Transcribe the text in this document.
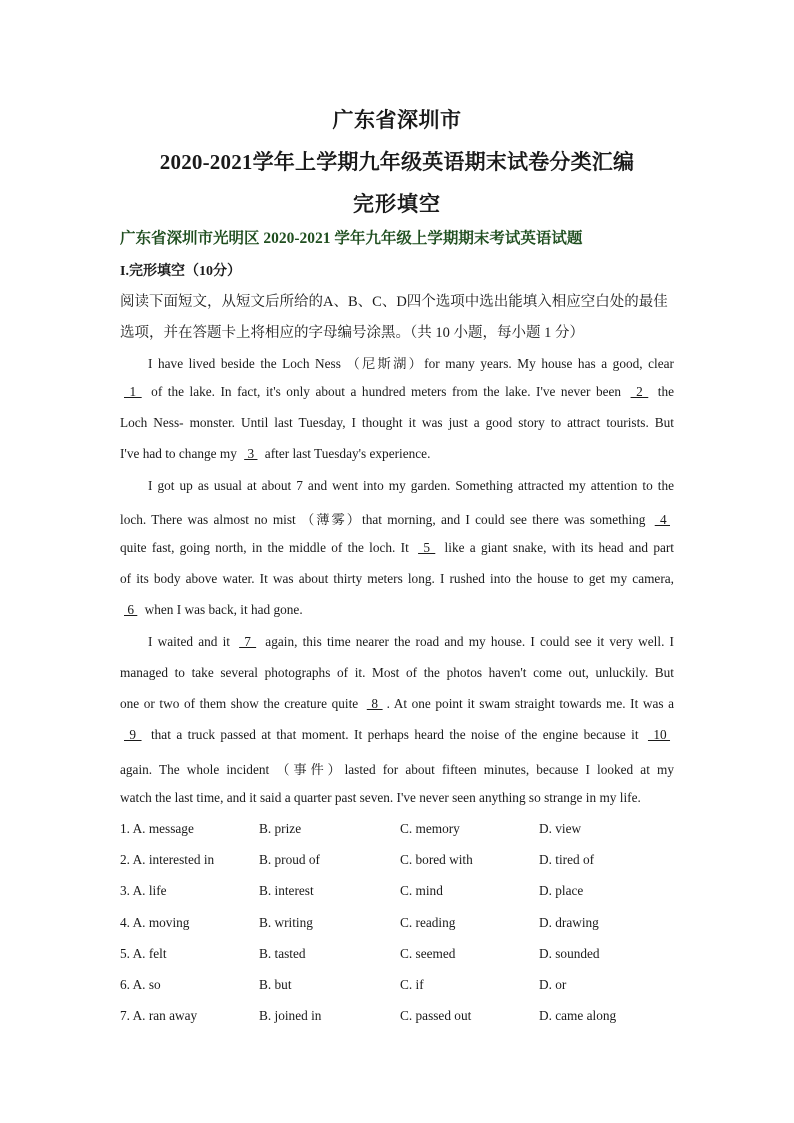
广东省深圳市
2020-2021学年上学期九年级英语期末试卷分类汇编
完形填空
广东省深圳市光明区 2020-2021 学年九年级上学期期末考试英语试题
I.完形填空（10分）
阅读下面短文，从短文后所给的A、B、C、D四个选项中选出能填入相应空白处的最佳选项，并在答题卡上将相应的字母编号涂黑。（共 10 小题，每小题 1 分）
I have lived beside the Loch Ness （尼斯湖）for many years. My house has a good, clear
1  of the lake. In fact, it's only about a hundred meters from the lake. I've never been  2  the
Loch Ness- monster. Until last Tuesday, I thought it was just a good story to attract tourists. But
I've had to change my  3  after last Tuesday's experience.
I got up as usual at about 7 and went into my garden. Something attracted my attention to the
loch. There was almost no mist （薄雾）that morning, and I could see there was something  4
quite fast, going north, in the middle of the loch. It  5  like a giant snake, with its head and part
of its body above water. It was about thirty meters long. I rushed into the house to get my camera,
6  when I was back, it had gone.
I waited and it  7  again, this time nearer the road and my house. I could see it very well. I
managed to take several photographs of it. Most of the photos haven't come out, unluckily. But
one or two of them show the creature quite  8 . At one point it swam straight towards me. It was a
9  that a truck passed at that moment. It perhaps heard the noise of the engine because it  10
again. The whole incident （事件）lasted for about fifteen minutes, because I looked at my
watch the last time, and it said a quarter past seven. I've never seen anything so strange in my life.
1. A. message	B. prize	C. memory	D. view
2. A. interested in	B. proud of	C. bored with	D. tired of
3. A. life	B. interest	C. mind	D. place
4. A. moving	B. writing	C. reading	D. drawing
5. A. felt	B. tasted	C. seemed	D. sounded
6. A. so	B. but	C. if	D. or
7. A. ran away	B. joined in	C. passed out	D. came along
